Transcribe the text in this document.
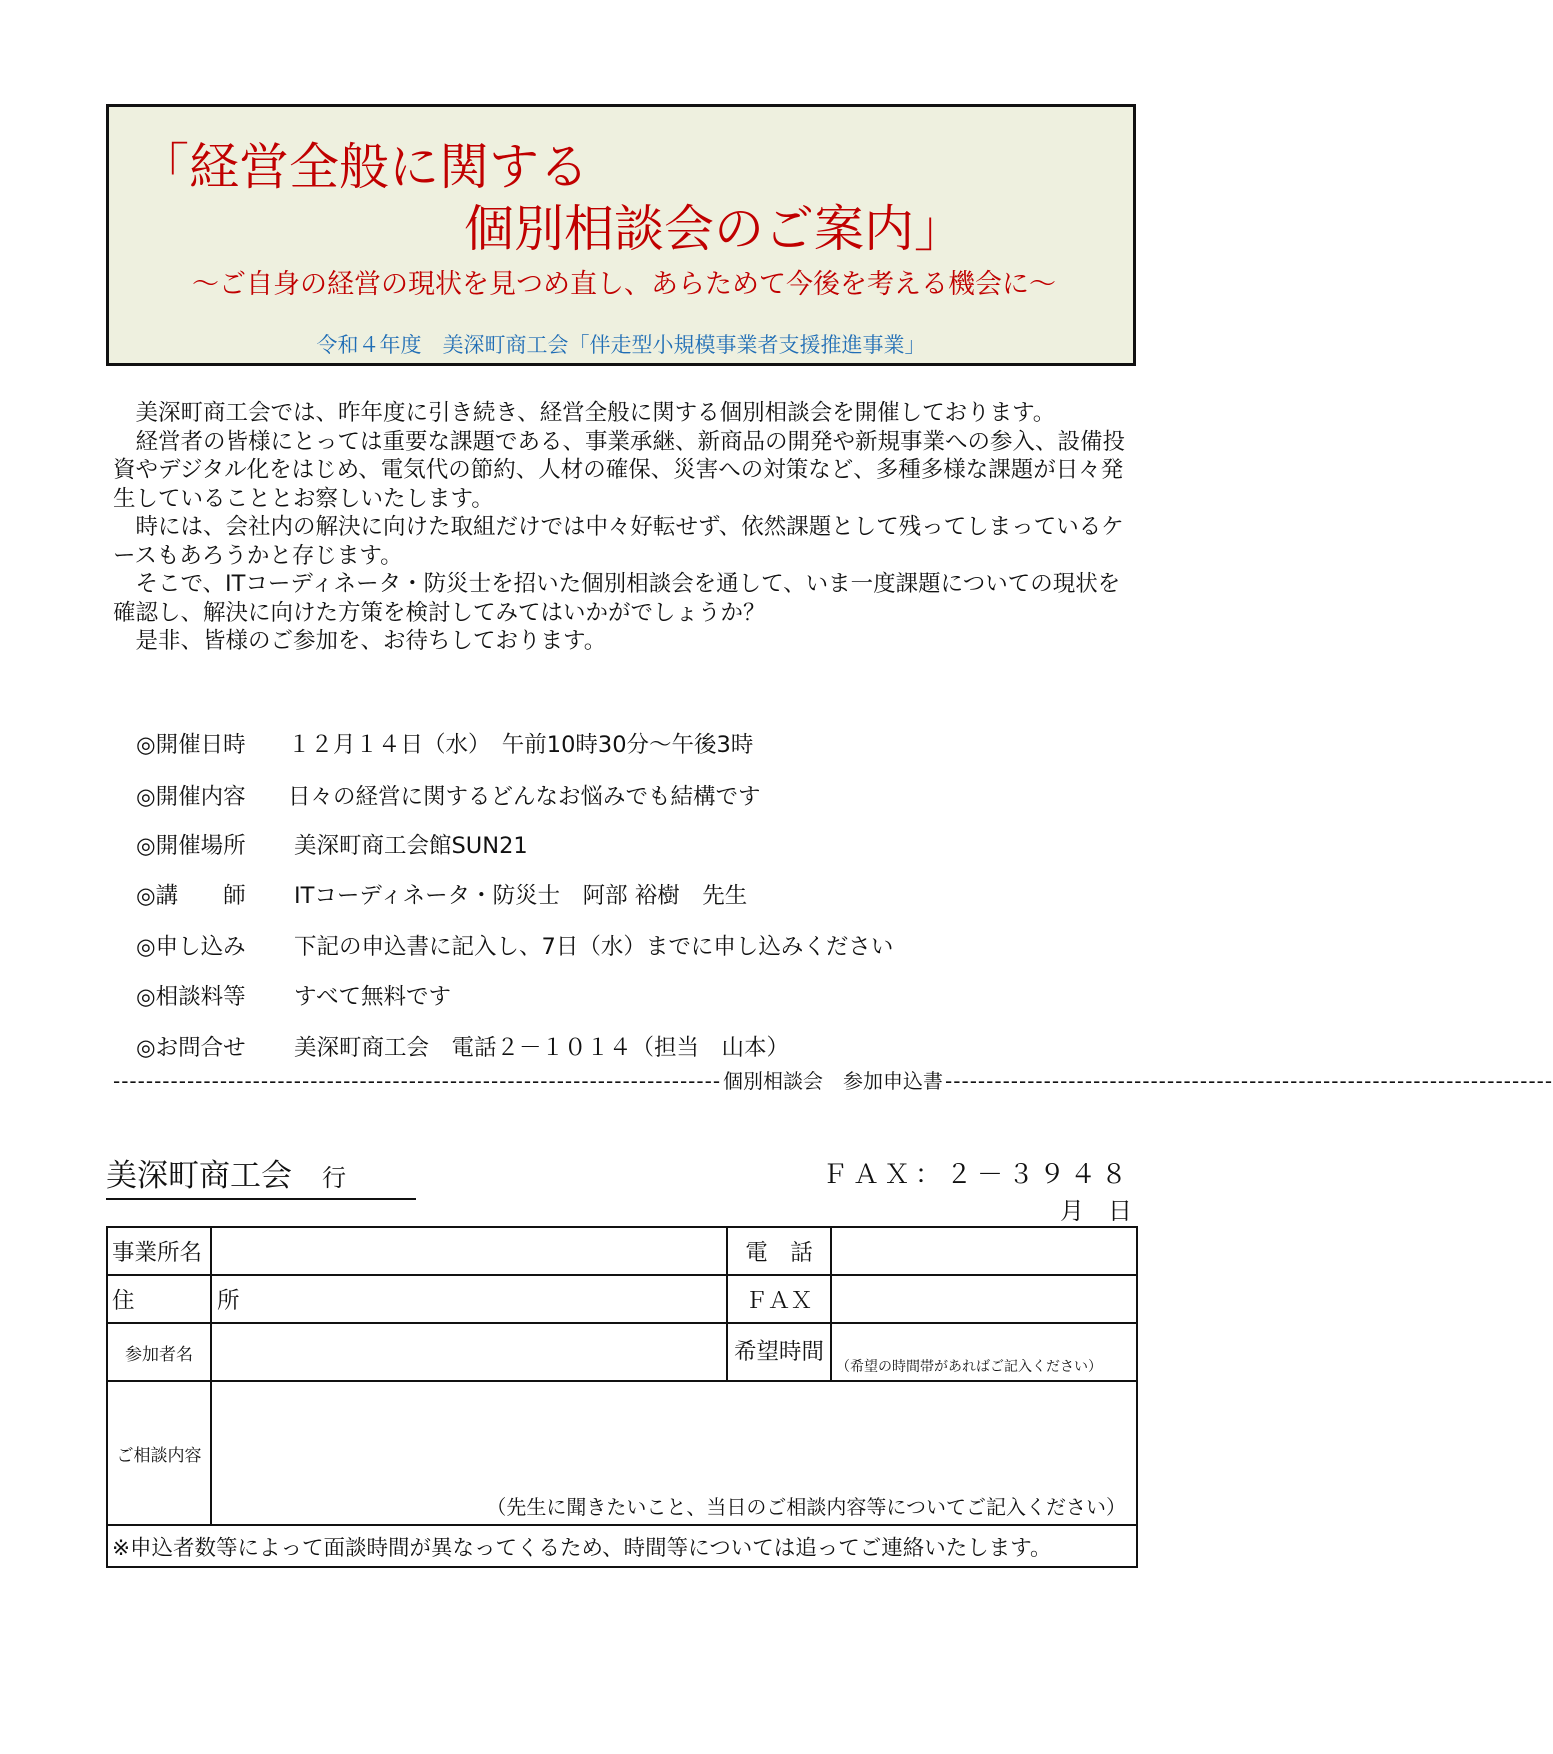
「経営全般に関する
個別相談会のご案内」
～ご自身の経営の現状を見つめ直し、あらためて今後を考える機会に～
令和４年度　美深町商工会「伴走型小規模事業者支援推進事業」

美深町商工会では、昨年度に引き続き、経営全般に関する個別相談会を開催しております。

経営者の皆様にとっては重要な課題である、事業承継、新商品の開発や新規事業への参入、設備投資やデジタル化をはじめ、電気代の節約、人材の確保、災害への対策など、多種多様な課題が日々発生していることとお察しいたします。

時には、会社内の解決に向けた取組だけでは中々好転せず、依然課題として残ってしまっているケースもあろうかと存じます。

そこで、ITコーディネータ・防災士を招いた個別相談会を通して、いま一度課題についての現状を確認し、解決に向けた方策を検討してみてはいかがでしょうか？

是非、皆様のご参加を、お待ちしております。

◎開催日時 １２月１４日（水）　午前10時30分～午後3時
◎開催内容 日々の経営に関するどんなお悩みでも結構です
◎開催場所 美深町商工会館SUN21
◎講　　師 ITコーディネータ・防災士　阿部 裕樹　先生
◎申し込み 下記の申込書に記入し、7日（水）までに申し込みください
◎相談料等 すべて無料です
◎お問合せ 美深町商工会　電話２－１０１４（担当　山本）
-------------------------------------------------------------------------- 個別相談会　参加申込書 --------------------------------------------------------------------------
美深町商工会 行	ＦＡＸ：２－３９４８
月　日
事業所名		電　話	
住　所		ＦＡＸ	
参加者名		希望時間	（希望の時間帯があればご記入ください）
ご相談内容	（先生に聞きたいこと、当日のご相談内容等についてご記入ください）		
※申込者数等によって面談時間が異なってくるため、時間等については追ってご連絡いたします。			
